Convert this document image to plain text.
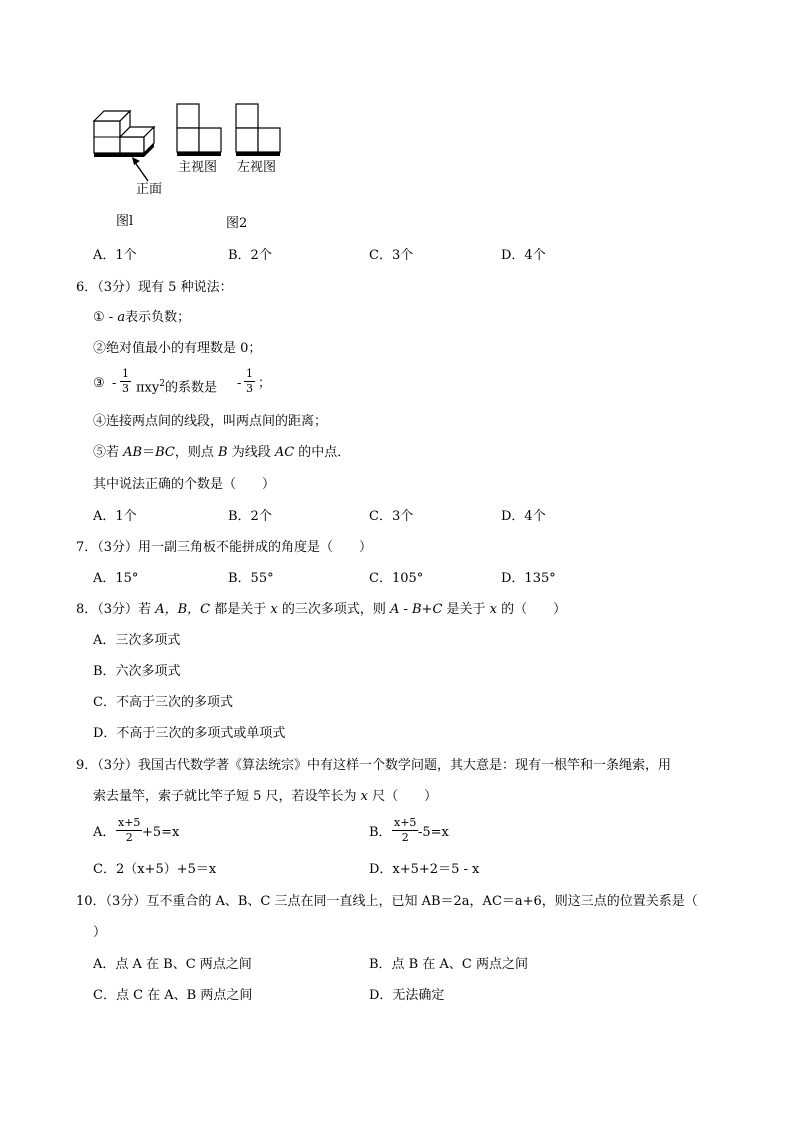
正面
主视图 左视图
图l	图2
A．1个	B．2个	C．3个	D．4个
6．（3分）现有 5 种说法：
① - a表示负数；
②绝对值最小的有理数是 0；
③ - $\frac{1}{3} \pi xy^2$的系数是 - $\frac{1}{3}$ ；
④连接两点间的线段，叫两点间的距离；
⑤若 AB＝BC，则点 B 为线段 AC 的中点．
其中说法正确的个数是（　　）
A．1个	B．2个	C．3个	D．4个
7．（3分）用一副三角板不能拼成的角度是（　　）
A．15°	B．55°	C．105°	D．135°
8．（3分）若 A，B，C 都是关于 x 的三次多项式，则 A - B+C 是关于 x 的（　　）
A．三次多项式
B．六次多项式
C．不高于三次的多项式
D．不高于三次的多项式或单项式
9．（3分）我国古代数学著《算法统宗》中有这样一个数学问题，其大意是：现有一根竿和一条绳索，用
索去量竿，索子就比竿子短 5 尺，若设竿长为 x 尺（　　）
A． $\frac{x+5}{2} +5=x$	B． $\frac{x+5}{2} -5=x$
C．2（x+5）+5＝x	D．x+5+2＝5 - x
10．（3分）互不重合的 A、B、C 三点在同一直线上，已知 AB＝2a，AC＝a+6，则这三点的位置关系是（
）
A．点 A 在 B、C 两点之间	B．点 B 在 A、C 两点之间
C．点 C 在 A、B 两点之间	D．无法确定
